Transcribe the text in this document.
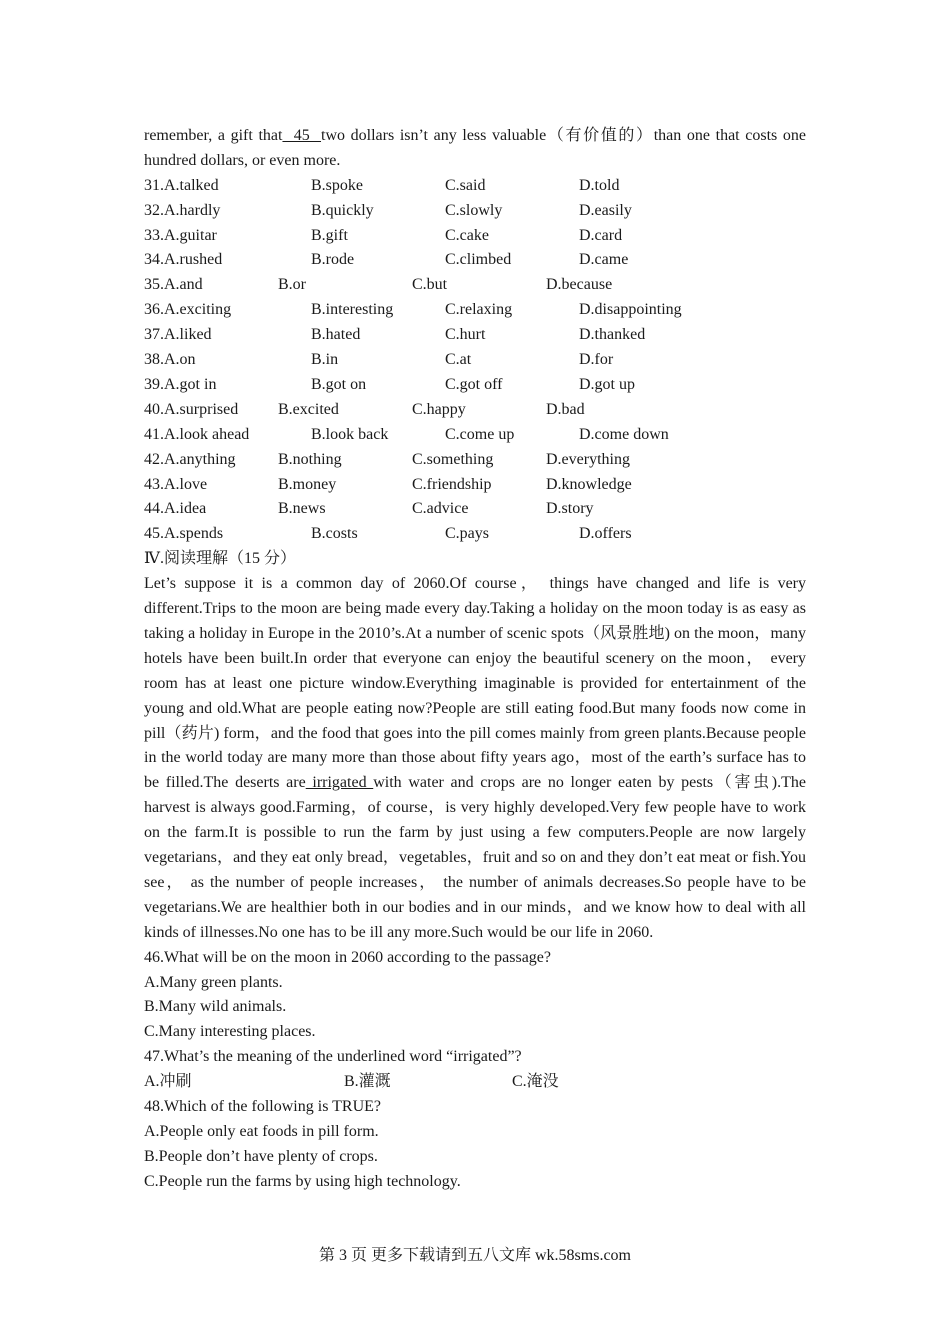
remember, a gift that  45  two dollars isn’t any less valuable（有价值的）than one that costs one hundred dollars, or even more.
31.A.talked	B.spoke	C.said	D.told
32.A.hardly	B.quickly	C.slowly	D.easily
33.A.guitar	B.gift	C.cake	D.card
34.A.rushed	B.rode	C.climbed	D.came
35.A.and	B.or	C.but	D.because
36.A.exciting	B.interesting	C.relaxing	D.disappointing
37.A.liked	B.hated	C.hurt	D.thanked
38.A.on	B.in	C.at	D.for
39.A.got in	B.got on	C.got off	D.got up
40.A.surprised B.excited	C.happy	D.bad
41.A.look ahead	B.look back	C.come up	D.come down
42.A.anything	B.nothing	C.something	D.everything
43.A.love	B.money	C.friendship	D.knowledge
44.A.idea	B.news	C.advice	D.story
45.A.spends	B.costs	C.pays	D.offers
Ⅳ.阅读理解（15 分）
Let’s suppose it is a common day of 2060.Of course， things have changed and life is very different.Trips to the moon are being made every day.Taking a holiday on the moon today is as easy as taking a holiday in Europe in the 2010’s.At a number of scenic spots（风景胜地) on the moon，many hotels have been built.In order that everyone can enjoy the beautiful scenery on the moon， every room has at least one picture window.Everything imaginable is provided for entertainment of the young and old.What are people eating now?People are still eating food.But many foods now come in pill（药片) form，and the food that goes into the pill comes mainly from green plants.Because people in the world today are many more than those about fifty years ago，most of the earth’s surface has to be filled.The deserts are irrigated with water and crops are no longer eaten by pests（害虫).The harvest is always good.Farming，of course，is very highly developed.Very few people have to work on the farm.It is possible to run the farm by just using a few computers.People are now largely vegetarians，and they eat only bread，vegetables，fruit and so on and they don’t eat meat or fish.You see， as the number of people increases， the number of animals decreases.So people have to be vegetarians.We are healthier both in our bodies and in our minds，and we know how to deal with all kinds of illnesses.No one has to be ill any more.Such would be our life in 2060.
46.What will be on the moon in 2060 according to the passage?
A.Many green plants.
B.Many wild animals.
C.Many interesting places.
47.What’s the meaning of the underlined word “irrigated”?
A.冲刷	B.灌溉	C.淹没
48.Which of the following is TRUE?
A.People only eat foods in pill form.
B.People don’t have plenty of crops.
C.People run the farms by using high technology.
第 3 页 更多下载请到五八文库 wk.58sms.com
